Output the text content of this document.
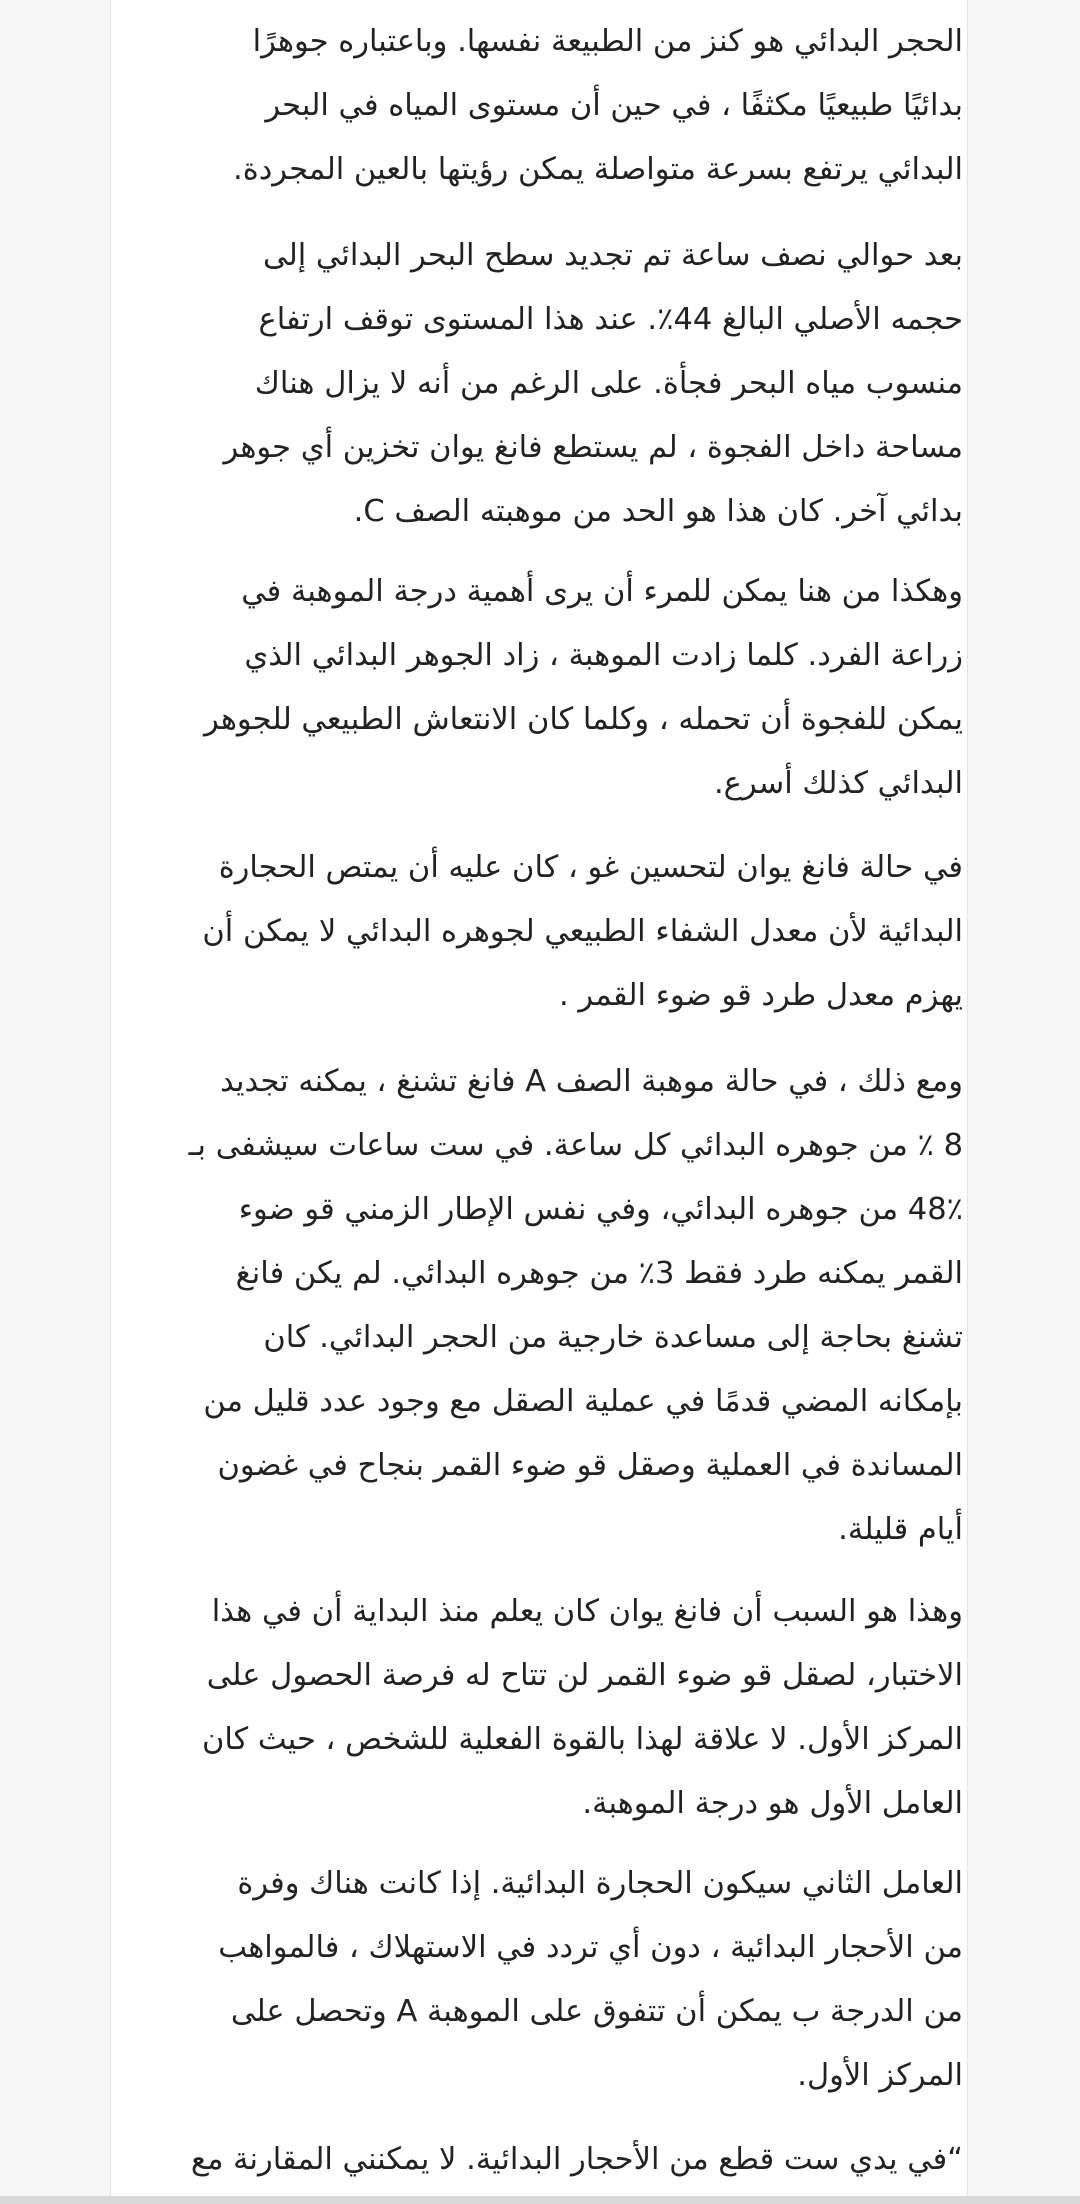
الحجر البدائي هو كنز من الطبيعة نفسها. وباعتباره جوهرًا
بدائيًا طبيعيًا مكثفًا ، في حين أن مستوى المياه في البحر
البدائي يرتفع بسرعة متواصلة يمكن رؤيتها بالعين المجردة.
بعد حوالي نصف ساعة تم تجديد سطح البحر البدائي إلى
حجمه الأصلي البالغ 44٪. عند هذا المستوى توقف ارتفاع
منسوب مياه البحر فجأة. على الرغم من أنه لا يزال هناك
مساحة داخل الفجوة ، لم يستطع فانغ يوان تخزين أي جوهر
بدائي آخر. كان هذا هو الحد من موهبته الصف C.
وهكذا من هنا يمكن للمرء أن يرى أهمية درجة الموهبة في
زراعة الفرد. كلما زادت الموهبة ، زاد الجوهر البدائي الذي
يمكن للفجوة أن تحمله ، وكلما كان الانتعاش الطبيعي للجوهر
البدائي كذلك أسرع.
في حالة فانغ يوان لتحسين غو ، كان عليه أن يمتص الحجارة
البدائية لأن معدل الشفاء الطبيعي لجوهره البدائي لا يمكن أن
يهزم معدل طرد قو ضوء القمر .
ومع ذلك ، في حالة موهبة الصف A فانغ تشنغ ، يمكنه تجديد
8 ٪ من جوهره البدائي كل ساعة. في ست ساعات سيشفى بـ
48٪ من جوهره البدائي، وفي نفس الإطار الزمني قو ضوء
القمر يمكنه طرد فقط 3٪ من جوهره البدائي. لم يكن فانغ
تشنغ بحاجة إلى مساعدة خارجية من الحجر البدائي. كان
بإمكانه المضي قدمًا في عملية الصقل مع وجود عدد قليل من
المساندة في العملية وصقل قو ضوء القمر بنجاح في غضون
أيام قليلة.
وهذا هو السبب أن فانغ يوان كان يعلم منذ البداية أن في هذا
الاختبار، لصقل قو ضوء القمر لن تتاح له فرصة الحصول على
المركز الأول. لا علاقة لهذا بالقوة الفعلية للشخص ، حيث كان
العامل الأول هو درجة الموهبة.
العامل الثاني سيكون الحجارة البدائية. إذا كانت هناك وفرة
من الأحجار البدائية ، دون أي تردد في الاستهلاك ، فالمواهب
من الدرجة ب يمكن أن تتفوق على الموهبة A وتحصل على
المركز الأول.
“في يدي ست قطع من الأحجار البدائية. لا يمكنني المقارنة مع
